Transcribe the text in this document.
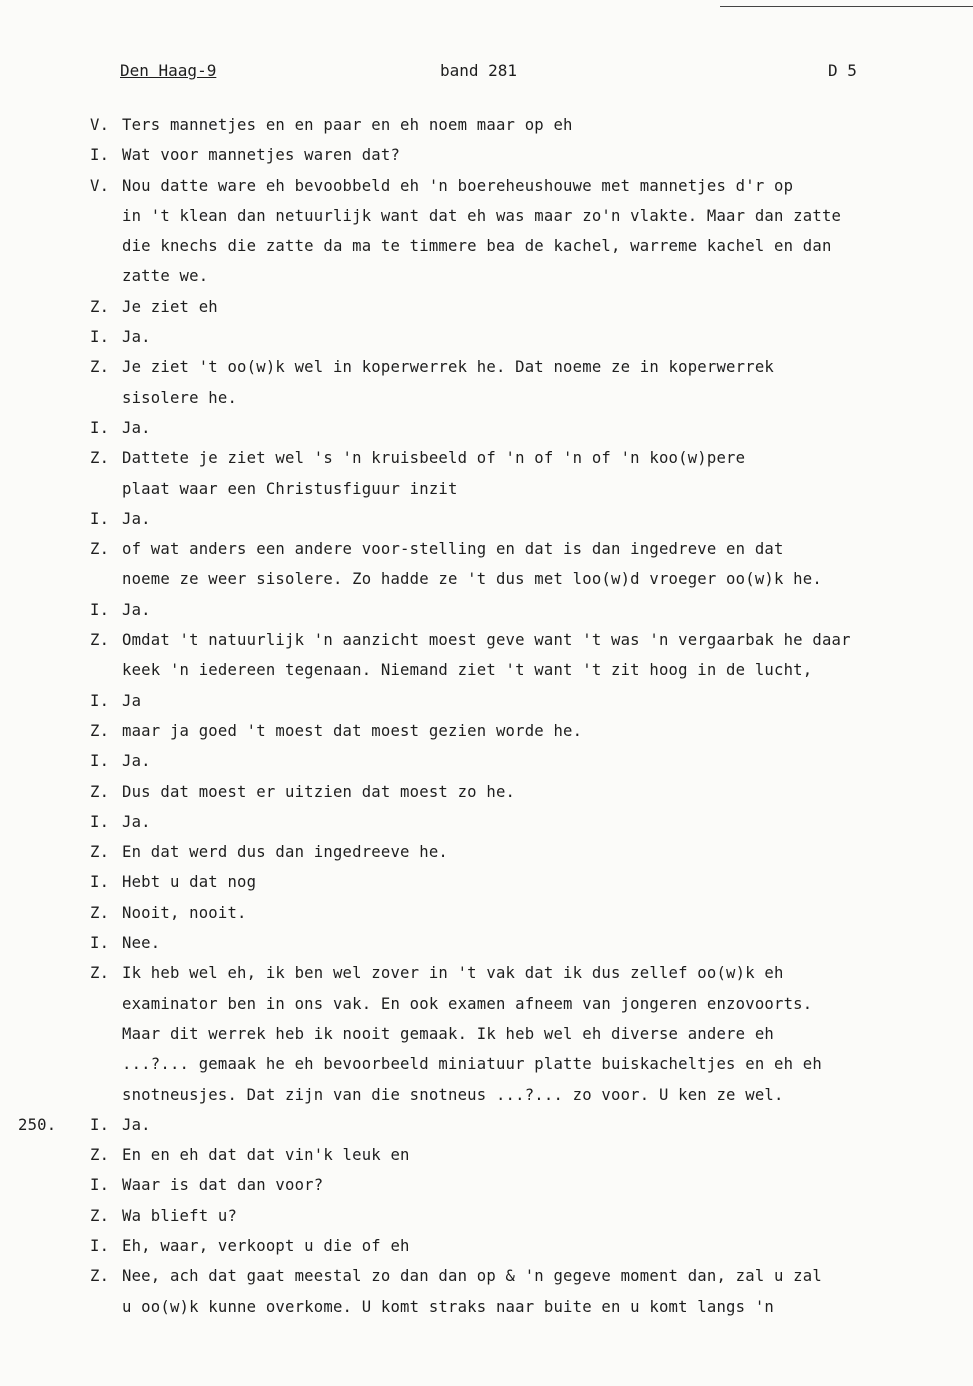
Den Haag-9	band 281	D 5
V. Ters mannetjes en en paar en eh noem maar op eh
I. Wat voor mannetjes waren dat?
V. Nou datte ware eh bevoobbeld eh 'n boereheushouwe met mannetjes d'r op
in 't klean dan netuurlijk want dat eh was maar zo'n vlakte. Maar dan zatte
die knechs die zatte da ma te timmere bea de kachel, warreme kachel en dan
zatte we.
Z. Je ziet eh
I. Ja.
Z. Je ziet 't oo(w)k wel in koperwerrek he. Dat noeme ze in koperwerrek
sisolere he.
I. Ja.
Z. Dattete je ziet wel 's 'n kruisbeeld of 'n of 'n of 'n koo(w)pere
plaat waar een Christusfiguur inzit
I. Ja.
Z. of wat anders een andere voor-stelling en dat is dan ingedreve en dat
noeme ze weer sisolere. Zo hadde ze 't dus met loo(w)d vroeger oo(w)k he.
I. Ja.
Z. Omdat 't natuurlijk 'n aanzicht moest geve want 't was 'n vergaarbak he daar
keek 'n iedereen tegenaan. Niemand ziet 't want 't zit hoog in de lucht,
I. Ja
Z. maar ja goed 't moest dat moest gezien worde he.
I. Ja.
Z. Dus dat moest er uitzien dat moest zo he.
I. Ja.
Z. En dat werd dus dan ingedreeve he.
I. Hebt u dat nog
Z. Nooit, nooit.
I. Nee.
Z. Ik heb wel eh, ik ben wel zover in 't vak dat ik dus zellef oo(w)k eh
examinator ben in ons vak. En ook examen afneem van jongeren enzovoorts.
Maar dit werrek heb ik nooit gemaak. Ik heb wel eh diverse andere eh
...?... gemaak he eh bevoorbeeld miniatuur platte buiskacheltjes en eh eh
snotneusjes. Dat zijn van die snotneus ...?... zo voor. U ken ze wel.
250. I. Ja.
Z. En en eh dat dat vin'k leuk en
I. Waar is dat dan voor?
Z. Wa blieft u?
I. Eh, waar, verkoopt u die of eh
Z. Nee, ach dat gaat meestal zo dan dan op & 'n gegeve moment dan, zal u zal
u oo(w)k kunne overkome. U komt straks naar buite en u komt langs 'n
